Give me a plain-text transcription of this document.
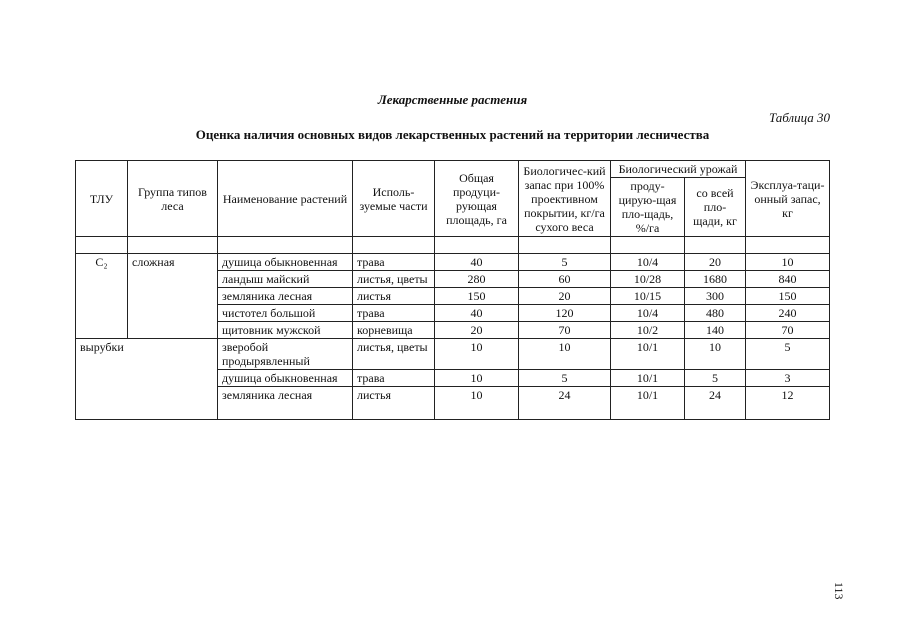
Лекарственные растения
Таблица 30
Оценка наличия основных видов лекарственных растений на территории лесничества
ТЛУ	Группа типов леса	Наименование растений	Исполь-зуемые части	Общая продуци-рующая площадь, га	Биологичес-кий запас при 100% проективном покрытии, кг/га сухого веса	Биологический урожай		Эксплуа-таци-онный запас, кг
						проду-цирую-щая пло-щадь, %/га	со всей пло-щади, кг	

C₂	сложная	душица обыкновенная	трава	40	5	10/4	20	10
		ландыш майский	листья, цветы	280	60	10/28	1680	840
		земляника лесная	листья	150	20	10/15	300	150
		чистотел большой	трава	40	120	10/4	480	240
		щитовник мужской	корневища	20	70	10/2	140	70
вырубки		зверобой продырявленный	листья, цветы	10	10	10/1	10	5
		душица обыкновенная	трава	10	5	10/1	5	3
		земляника лесная	листья	10	24	10/1	24	12
113
